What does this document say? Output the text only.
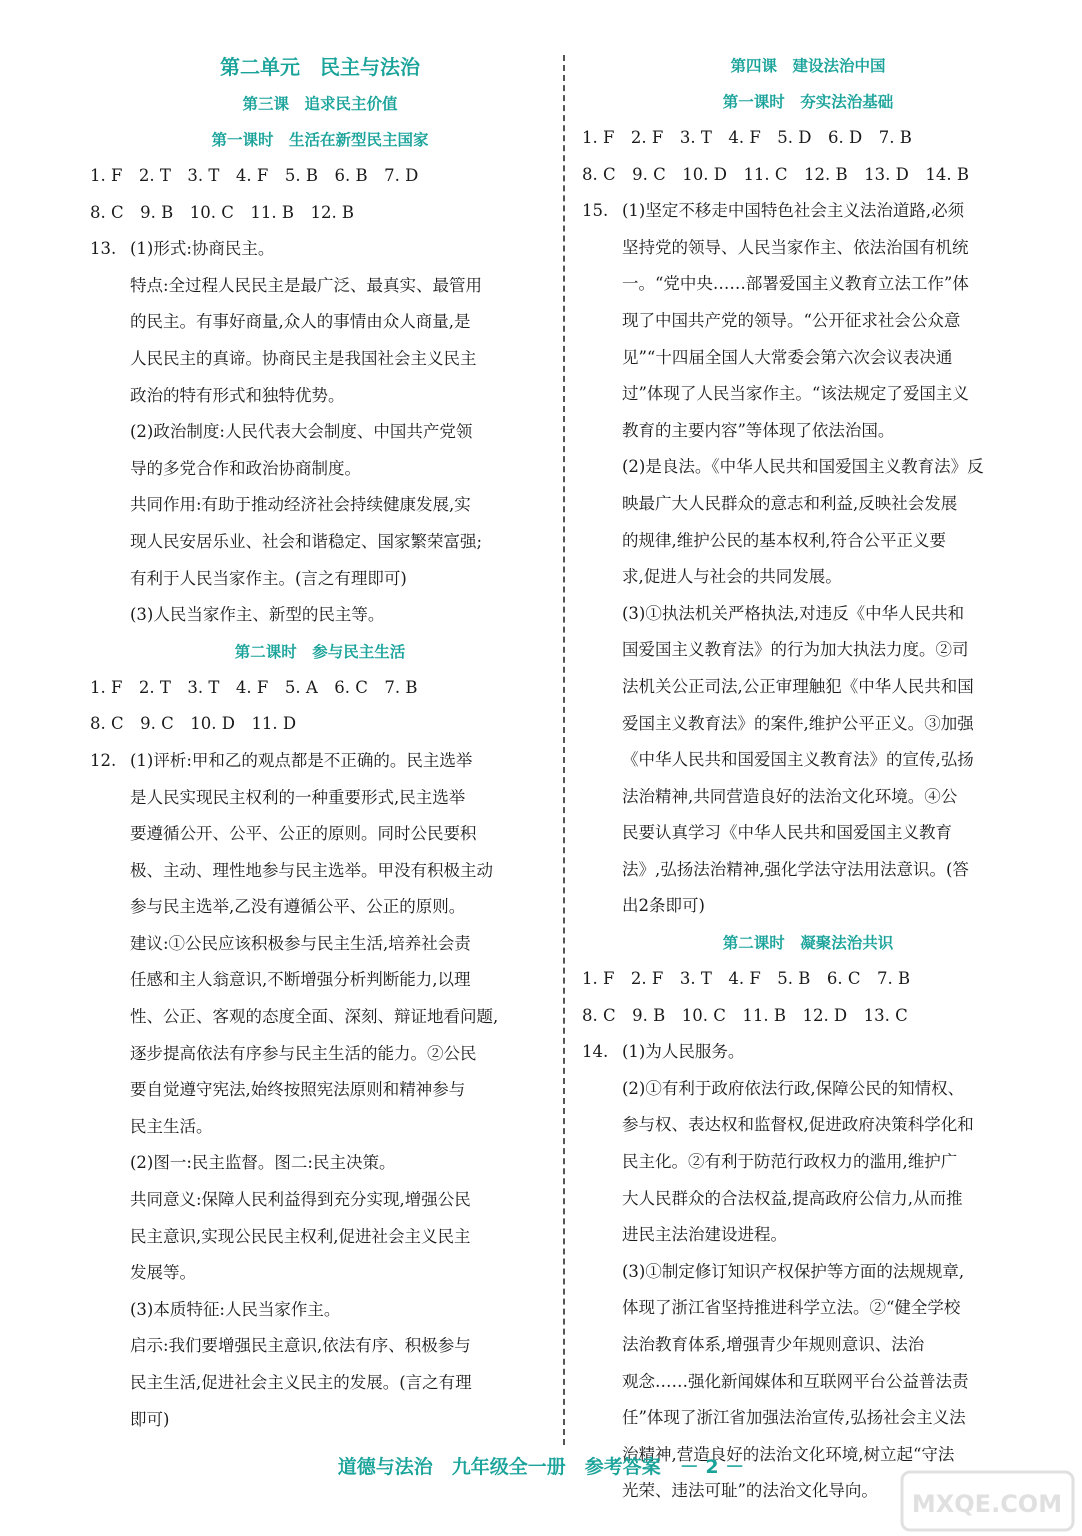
第二单元　民主与法治
第三课　追求民主价值
第一课时　生活在新型民主国家
1. F　2. T　3. T　4. F　5. B　6. B　7. D
8. C　9. B　10. C　11. B　12. B
13. (1)形式:协商民主。
特点:全过程人民民主是最广泛、最真实、最管用
的民主。有事好商量,众人的事情由众人商量,是
人民民主的真谛。协商民主是我国社会主义民主
政治的特有形式和独特优势。
(2)政治制度:人民代表大会制度、中国共产党领
导的多党合作和政治协商制度。
共同作用:有助于推动经济社会持续健康发展,实
现人民安居乐业、社会和谐稳定、国家繁荣富强;
有利于人民当家作主。(言之有理即可)
(3)人民当家作主、新型的民主等。
第二课时　参与民主生活
1. F　2. T　3. T　4. F　5. A　6. C　7. B
8. C　9. C　10. D　11. D
12. (1)评析:甲和乙的观点都是不正确的。民主选举
是人民实现民主权利的一种重要形式,民主选举
要遵循公开、公平、公正的原则。同时公民要积
极、主动、理性地参与民主选举。甲没有积极主动
参与民主选举,乙没有遵循公平、公正的原则。
建议:①公民应该积极参与民主生活,培养社会责
任感和主人翁意识,不断增强分析判断能力,以理
性、公正、客观的态度全面、深刻、辩证地看问题,
逐步提高依法有序参与民主生活的能力。②公民
要自觉遵守宪法,始终按照宪法原则和精神参与
民主生活。
(2)图一:民主监督。图二:民主决策。
共同意义:保障人民利益得到充分实现,增强公民
民主意识,实现公民民主权利,促进社会主义民主
发展等。
(3)本质特征:人民当家作主。
启示:我们要增强民主意识,依法有序、积极参与
民主生活,促进社会主义民主的发展。(言之有理
即可)
第四课　建设法治中国
第一课时　夯实法治基础
1. F　2. F　3. T　4. F　5. D　6. D　7. B
8. C　9. C　10. D　11. C　12. B　13. D　14. B
15. (1)坚定不移走中国特色社会主义法治道路,必须
坚持党的领导、人民当家作主、依法治国有机统
一。“党中央……部署爱国主义教育立法工作”体
现了中国共产党的领导。“公开征求社会公众意
见”“十四届全国人大常委会第六次会议表决通
过”体现了人民当家作主。“该法规定了爱国主义
教育的主要内容”等体现了依法治国。
(2)是良法。《中华人民共和国爱国主义教育法》反
映最广大人民群众的意志和利益,反映社会发展
的规律,维护公民的基本权利,符合公平正义要
求,促进人与社会的共同发展。
(3)①执法机关严格执法,对违反《中华人民共和
国爱国主义教育法》的行为加大执法力度。②司
法机关公正司法,公正审理触犯《中华人民共和国
爱国主义教育法》的案件,维护公平正义。③加强
《中华人民共和国爱国主义教育法》的宣传,弘扬
法治精神,共同营造良好的法治文化环境。④公
民要认真学习《中华人民共和国爱国主义教育
法》,弘扬法治精神,强化学法守法用法意识。(答
出2条即可)
第二课时　凝聚法治共识
1. F　2. F　3. T　4. F　5. B　6. C　7. B
8. C　9. B　10. C　11. B　12. D　13. C
14. (1)为人民服务。
(2)①有利于政府依法行政,保障公民的知情权、
参与权、表达权和监督权,促进政府决策科学化和
民主化。②有利于防范行政权力的滥用,维护广
大人民群众的合法权益,提高政府公信力,从而推
进民主法治建设进程。
(3)①制定修订知识产权保护等方面的法规规章,
体现了浙江省坚持推进科学立法。②“健全学校
法治教育体系,增强青少年规则意识、法治
观念……强化新闻媒体和互联网平台公益普法责
任”体现了浙江省加强法治宣传,弘扬社会主义法
治精神,营造良好的法治文化环境,树立起“守法
光荣、违法可耻”的法治文化导向。
道德与法治　九年级全一册　参考答案　－ 2 －
MXQE.COM
